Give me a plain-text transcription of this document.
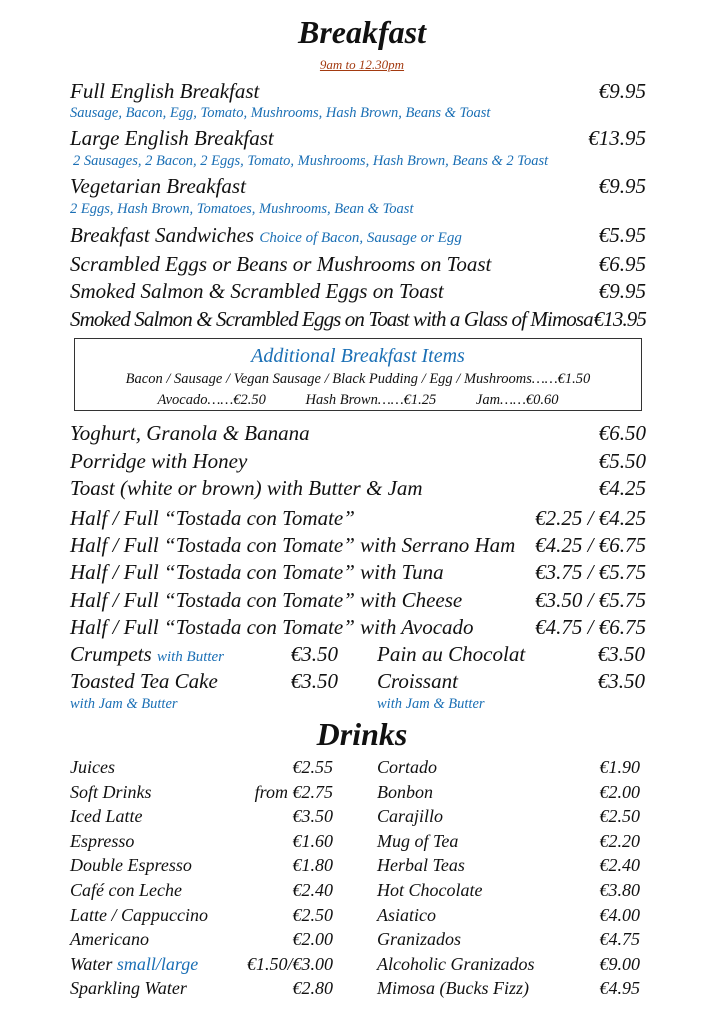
Breakfast
9am to 12.30pm
Full English Breakfast	€9.95
Sausage, Bacon, Egg, Tomato, Mushrooms, Hash Brown, Beans & Toast
Large English Breakfast	€13.95
2 Sausages, 2 Bacon, 2 Eggs, Tomato, Mushrooms, Hash Brown, Beans & 2 Toast
Vegetarian Breakfast	€9.95
2 Eggs, Hash Brown, Tomatoes, Mushrooms, Bean & Toast
Breakfast Sandwiches Choice of Bacon, Sausage or Egg	€5.95
Scrambled Eggs or Beans or Mushrooms on Toast	€6.95
Smoked Salmon & Scrambled Eggs on Toast	€9.95
Smoked Salmon & Scrambled Eggs on Toast with a Glass of Mimosa €13.95
Additional Breakfast Items
Bacon / Sausage / Vegan Sausage / Black Pudding / Egg / Mushrooms……€1.50
Avocado……€2.50	Hash Brown……€1.25	Jam……€0.60
Yoghurt, Granola & Banana	€6.50
Porridge with Honey	€5.50
Toast (white or brown) with Butter & Jam	€4.25
Half / Full “Tostada con Tomate”	€2.25 / €4.25
Half / Full “Tostada con Tomate” with Serrano Ham €4.25 / €6.75
Half / Full “Tostada con Tomate” with Tuna	€3.75 / €5.75
Half / Full “Tostada con Tomate” with Cheese	€3.50 / €5.75
Half / Full “Tostada con Tomate” with Avocado	€4.75 / €6.75
Crumpets with Butter	€3.50
Toasted Tea Cake	€3.50
with Jam & Butter
Pain au Chocolat	€3.50
Croissant	€3.50
with Jam & Butter
Drinks
Juices	€2.55
Soft Drinks	from €2.75
Iced Latte	€3.50
Espresso	€1.60
Double Espresso	€1.80
Café con Leche	€2.40
Latte / Cappuccino	€2.50
Americano	€2.00
Water small/large	€1.50/€3.00
Sparkling Water	€2.80
Cortado	€1.90
Bonbon	€2.00
Carajillo	€2.50
Mug of Tea	€2.20
Herbal Teas	€2.40
Hot Chocolate	€3.80
Asiatico	€4.00
Granizados	€4.75
Alcoholic Granizados	€9.00
Mimosa (Bucks Fizz)	€4.95
